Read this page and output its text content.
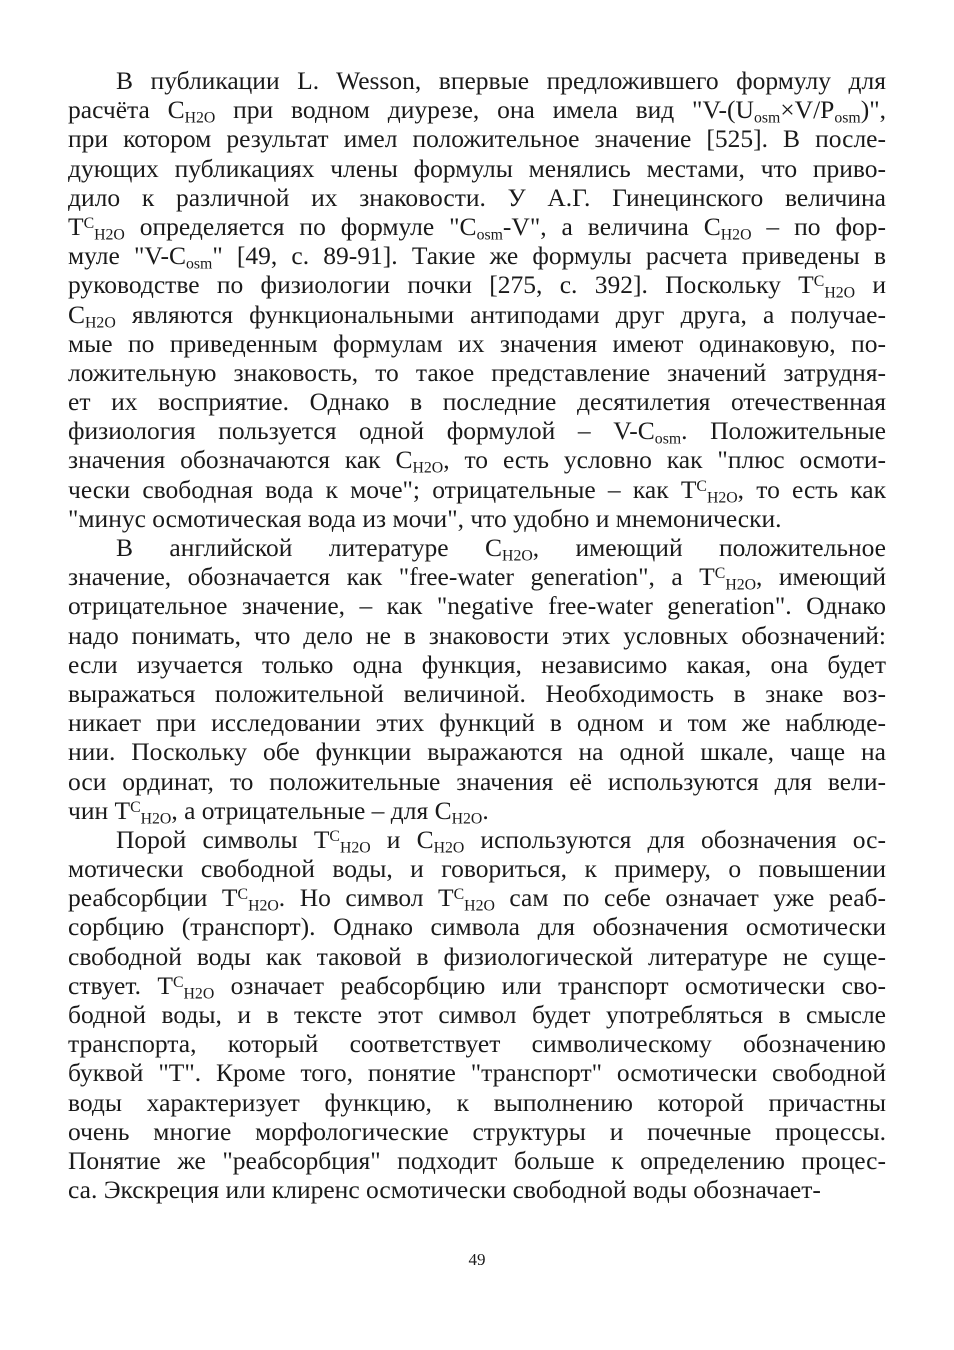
В публикации L. Wesson, впервые предложившего формулу для
расчёта $C_{H2O}$ при водном диурезе, она имела вид "$V-(U_{osm}\times V/P_{osm})$",
при котором результат имел положительное значение [525]. В после-
дующих публикациях члены формулы менялись местами, что приво-
дило к различной их знаковости. У А.Г. Гинецинского величина
$T^C_{H2O}$ определяется по формуле "$C_{osm}-V$", а величина $C_{H2O}$ – по фор-
муле "$V-C_{osm}$" [49, с. 89-91]. Такие же формулы расчета приведены в
руководстве по физиологии почки [275, с. 392]. Поскольку $T^C_{H2O}$ и
$C_{H2O}$ являются функциональными антиподами друг друга, а получае-
мые по приведенным формулам их значения имеют одинаковую, по-
ложительную знаковость, то такое представление значений затрудня-
ет их восприятие. Однако в последние десятилетия отечественная
физиология пользуется одной формулой – $V-C_{osm}$. Положительные
значения обозначаются как $C_{H2O}$, то есть условно как "плюс осмоти-
чески свободная вода к моче"; отрицательные – как $T^C_{H2O}$, то есть как
"минус осмотическая вода из мочи", что удобно и мнемонически.
В английской литературе $C_{H2O}$, имеющий положительное
значение, обозначается как "free-water generation", а $T^C_{H2O}$, имеющий
отрицательное значение, – как "negative free-water generation". Однако
надо понимать, что дело не в знаковости этих условных обозначений:
если изучается только одна функция, независимо какая, она будет
выражаться положительной величиной. Необходимость в знаке воз-
никает при исследовании этих функций в одном и том же наблюде-
нии. Поскольку обе функции выражаются на одной шкале, чаще на
оси ординат, то положительные значения её используются для вели-
чин $T^C_{H2O}$, а отрицательные – для $C_{H2O}$.
Порой символы $T^C_{H2O}$ и $C_{H2O}$ используются для обозначения ос-
мотически свободной воды, и говориться, к примеру, о повышении
реабсорбции $T^C_{H2O}$. Но символ $T^C_{H2O}$ сам по себе означает уже реаб-
сорбцию (транспорт). Однако символа для обозначения осмотически
свободной воды как таковой в физиологической литературе не суще-
ствует. $T^C_{H2O}$ означает реабсорбцию или транспорт осмотически сво-
бодной воды, и в тексте этот символ будет употребляться в смысле
транспорта, который соответствует символическому обозначению
буквой "T". Кроме того, понятие "транспорт" осмотически свободной
воды характеризует функцию, к выполнению которой причастны
очень многие морфологические структуры и почечные процессы.
Понятие же "реабсорбция" подходит больше к определению процес-
са. Экскреция или клиренс осмотически свободной воды обозначает-
49
